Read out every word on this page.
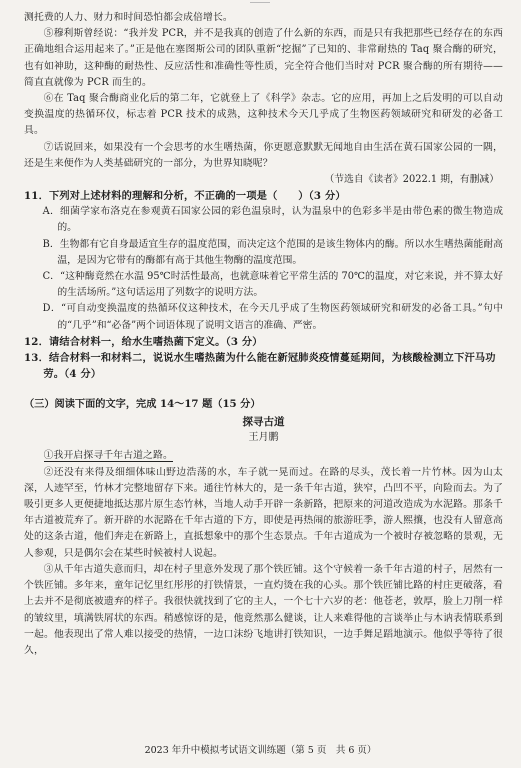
测托费的人力、财力和时间恐怕都会成倍增长。

⑤穆利斯曾经说：“我并发 PCR，并不是我真的创造了什么新的东西，而是只有我把那些已经存在的东西正确地组合运用起来了。”正是他在塞图斯公司的团队重新“挖掘”了已知的、非常耐热的 Taq 聚合酶的研究，也有如神助，这种酶的耐热性、反应活性和准确性等性质，完全符合他们当时对 PCR 聚合酶的所有期待——简直直就像为 PCR 而生的。

⑥在 Taq 聚合酶商业化后的第二年，它就登上了《科学》杂志。它的应用，再加上之后发明的可以自动变换温度的热循环仪，标志着 PCR 技术的成熟，这种技术今天几乎成了生物医药领域研究和研发的必备工具。

⑦话说回来，如果没有一个会思考的水生嗜热菌，你更愿意默默无闻地自由生活在黄石国家公园的一隅，还是生来便作为人类基础研究的一部分，为世界知晓呢？

（节选自《读者》2022.1 期，有删减）

11．下列对上述材料的理解和分析，不正确的一项是（　　）（3 分）

A．细菌学家布洛克在参观黄石国家公园的彩色温泉时，认为温泉中的色彩多半是由带色素的微生物造成的。

B．生物都有它自身最适宜生存的温度范围，而决定这个范围的是该生物体内的酶。所以水生嗜热菌能耐高温，是因为它带有的酶都有高于其他生物酶的温度范围。

C．“这种酶竟然在水温 95℃时活性最高，也就意味着它平常生活的 70℃的温度，对它来说，并不算太好的生活场所。”这句话运用了列数字的说明方法。

D．“可自动变换温度的热循环仪这种技术，在今天几乎成了生物医药领域研究和研发的必备工具。”句中的“几乎”和“必备”两个词语体现了说明文语言的准确、严密。

12．请结合材料一，给水生嗜热菌下定义。（3 分）

13．结合材料一和材料二，说说水生嗜热菌为什么能在新冠肺炎疫情蔓延期间，为核酸检测立下汗马功劳。（4 分）

（三）阅读下面的文字，完成 14～17 题（15 分）

探寻古道

王月鹏

①我开启探寻千年古道之路。

②还没有来得及细细体味山野边浩荡的水，车子就一晃而过。在路的尽头，茂长着一片竹林。因为山太深，人迹罕至，竹林才完整地留存下来。通往竹林大的，是一条千年古道，狭窄，凸凹不平，向险而去。为了吸引更多人更便捷地抵达那片原生态竹林，当地人动手开辟一条新路，把原来的河道改造成为水泥路。那条千年古道被荒弃了。新开辟的水泥路在千年古道的下方，即使是再热闹的旅游旺季，游人熙攘，也没有人留意高处的这条古道，他们奔走在新路上，直抵想象中的那个生态景点。千年古道成为一个被时存被忽略的景观，无人参观，只是偶尔会在某些时候被村人说起。

③从千年古道失意而归，却在村子里意外发现了那个铁匠铺。这个守候着一条千年古道的村子，居然有一个铁匠铺。多年来，童年记忆里红彤彤的打铁情景，一直灼烫在我的心头。那个铁匠铺比路的村庄更破落，看上去并不是彻底被遗弃的样子。我很快就找到了它的主人，一个七十六岁的老：他苍老，敦厚，脸上刀削一样的皱纹里，填满铁屑状的东西。稍感惊讶的是，他竟然那么健谈，让人来难得他的言谈举止与木讷表情联系到一起。他表现出了常人难以接受的热情，一边口沫纷飞地讲打铁知识，一边手舞足蹈地演示。他似乎等待了很久，

2023 年升中模拟考试语文训练题（第 5 页　共 6 页）
